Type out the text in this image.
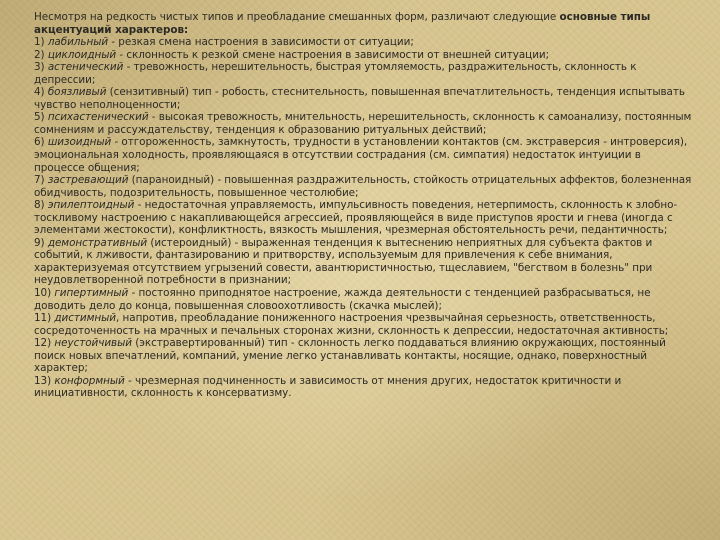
Несмотря на редкость чистых типов и преобладание смешанных форм, различают следующие основные типы акцентуаций характеров:

1) лабильный - резкая смена настроения в зависимости от ситуации;

2) циклоидный - склонность к резкой смене настроения в зависимости от внешней ситуации;

3) астенический - тревожность, нерешительность, быстрая утомляемость, раздражительность, склонность к депрессии;

4) боязливый (сензитивный) тип - робость, стеснительность, повышенная впечатлительность, тенденция испытывать чувство неполноценности;

5) психастенический - высокая тревожность, мнительность, нерешительность, склонность к самоанализу, постоянным сомнениям и рассуждательству, тенденция к образованию ритуальных действий;

6) шизоидный - отгороженность, замкнутость, трудности в установлении контактов (см. экстраверсия - интроверсия), эмоциональная холодность, проявляющаяся в отсутствии сострадания (см. симпатия) недостаток интуиции в процессе общения;

7) застревающий (параноидный) - повышенная раздражительность, стойкость отрицательных аффектов, болезненная обидчивость, подозрительность, повышенное честолюбие;

8) эпилептоидный - недостаточная управляемость, импульсивность поведения, нетерпимость, склонность к злобно-тоскливому настроению с накапливающейся агрессией, проявляющейся в виде приступов ярости и гнева (иногда с элементами жестокости), конфликтность, вязкость мышления, чрезмерная обстоятельность речи, педантичность;

9) демонстративный (истероидный) - выраженная тенденция к вытеснению неприятных для субъекта фактов и событий, к лживости, фантазированию и притворству, используемым для привлечения к себе внимания, характеризуемая отсутствием угрызений совести, авантюристичностью, тщеславием, "бегством в болезнь" при неудовлетворенной потребности в признании;

10) гипертимный - постоянно приподнятое настроение, жажда деятельности с тенденцией разбрасываться, не доводить дело до конца, повышенная словоохотливость (скачка мыслей);

11) дистимный, напротив, преобладание пониженного настроения чрезвычайная серьезность, ответственность, сосредоточенность на мрачных и печальных сторонах жизни, склонность к депрессии, недостаточная активность;

12) неустойчивый (экстравертированный) тип - склонность легко поддаваться влиянию окружающих, постоянный поиск новых впечатлений, компаний, умение легко устанавливать контакты, носящие, однако, поверхностный характер;

13) конформный - чрезмерная подчиненность и зависимость от мнения других, недостаток критичности и инициативности, склонность к консерватизму.
